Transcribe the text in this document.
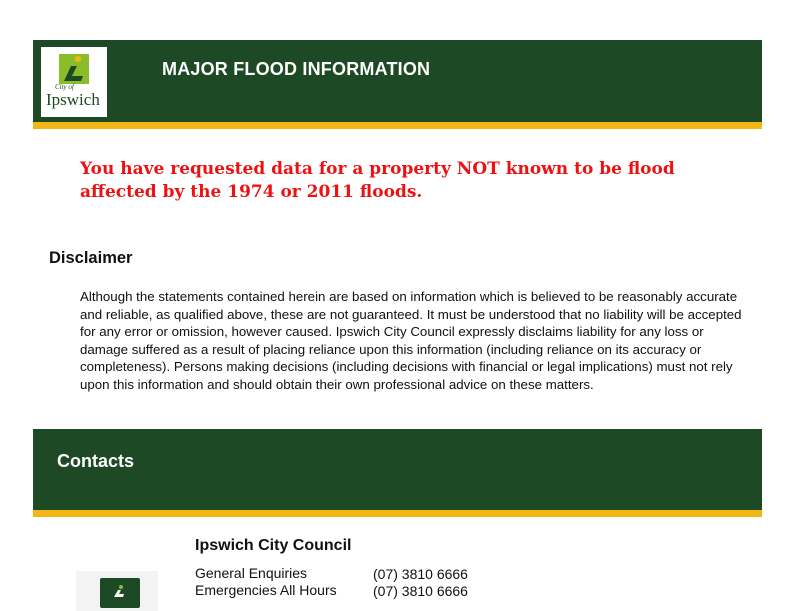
City of
Ipswich
MAJOR FLOOD INFORMATION
You have requested data for a property NOT known to be flood affected by the 1974 or 2011 floods.
Disclaimer
Although the statements contained herein are based on information which is believed to be reasonably accurate and reliable, as qualified above, these are not guaranteed. It must be understood that no liability will be accepted for any error or omission, however caused. Ipswich City Council expressly disclaims liability for any loss or damage suffered as a result of placing reliance upon this information (including reliance on its accuracy or completeness). Persons making decisions (including decisions with financial or legal implications) must not rely upon this information and should obtain their own professional advice on these matters.
Contacts
Ipswich City Council
General Enquiries	(07) 3810 6666
Emergencies All Hours	(07) 3810 6666
